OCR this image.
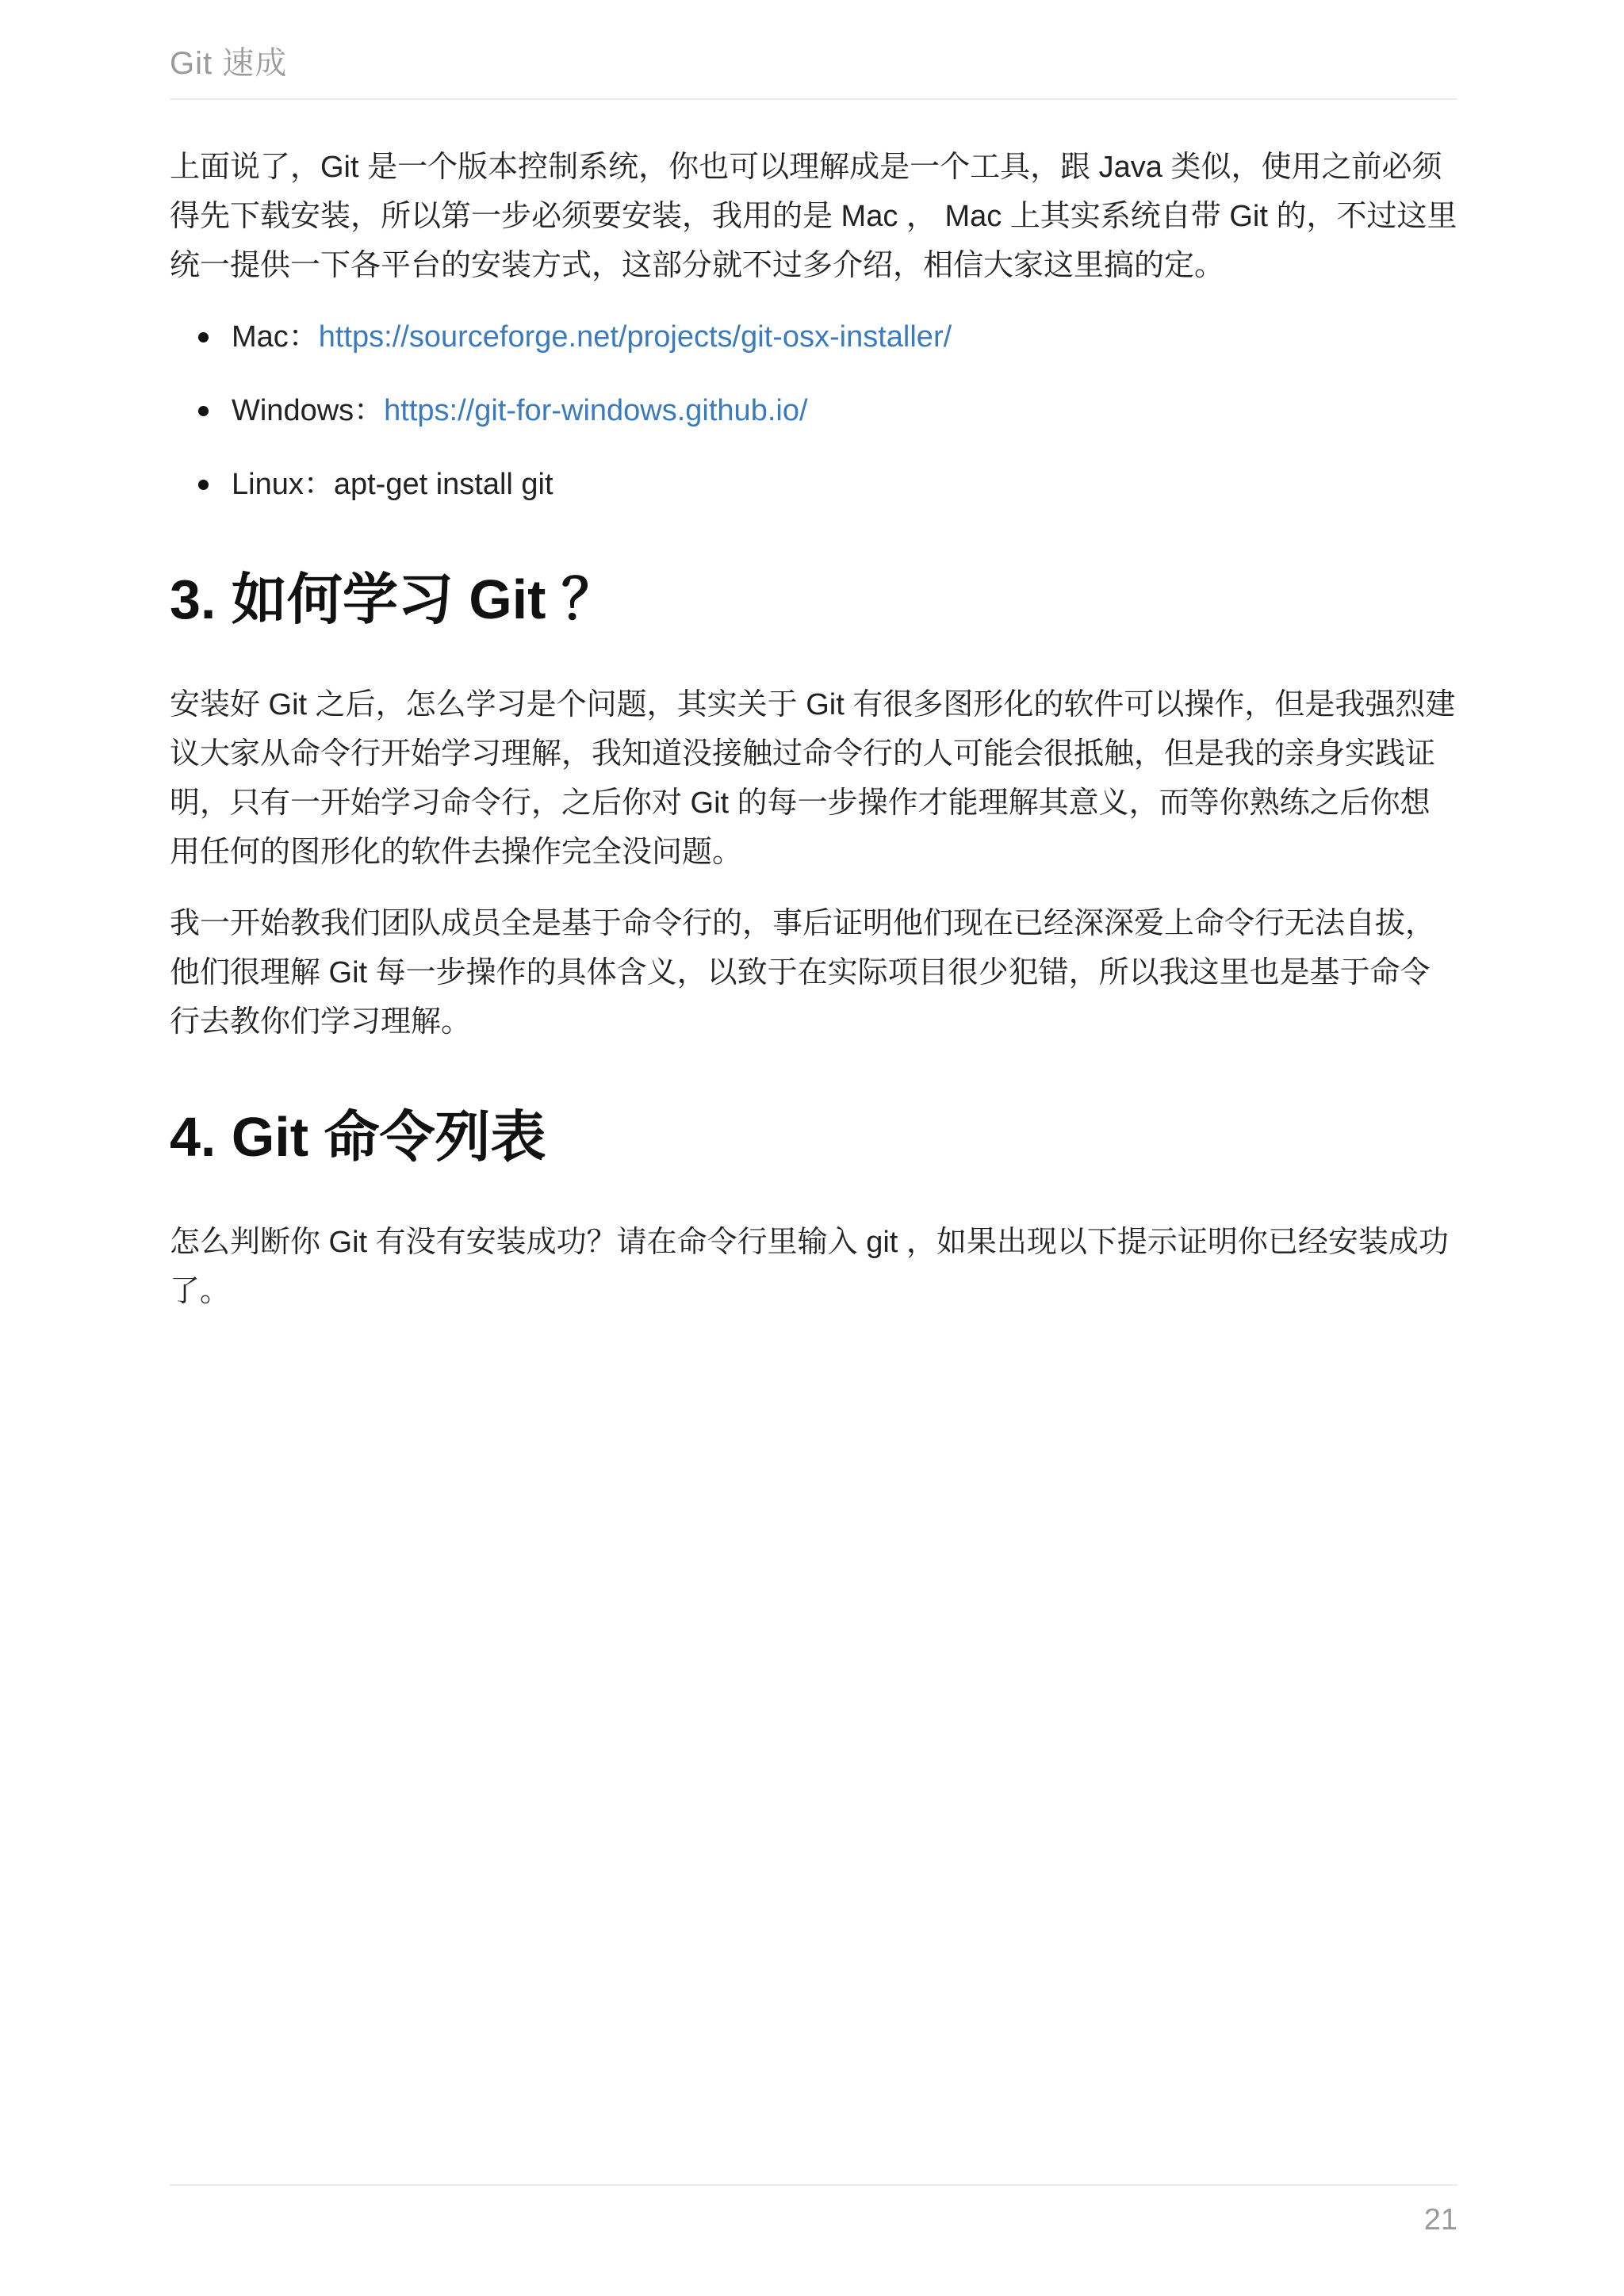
Git 速成

上面说了，Git 是一个版本控制系统，你也可以理解成是一个工具，跟 Java 类似，使用之前必须得先下载安装，所以第一步必须要安装，我用的是 Mac ， Mac 上其实系统自带 Git 的，不过这里统一提供一下各平台的安装方式，这部分就不过多介绍，相信大家这里搞的定。

Mac：https://sourceforge.net/projects/git-osx-installer/
Windows：https://git-for-windows.github.io/
Linux：apt-get install git
3. 如何学习 Git ？

安装好 Git 之后，怎么学习是个问题，其实关于 Git 有很多图形化的软件可以操作，但是我强烈建议大家从命令行开始学习理解，我知道没接触过命令行的人可能会很抵触，但是我的亲身实践证明，只有一开始学习命令行，之后你对 Git 的每一步操作才能理解其意义，而等你熟练之后你想用任何的图形化的软件去操作完全没问题。

我一开始教我们团队成员全是基于命令行的，事后证明他们现在已经深深爱上命令行无法自拔，他们很理解 Git 每一步操作的具体含义，以致于在实际项目很少犯错，所以我这里也是基于命令行去教你们学习理解。

4. Git 命令列表

怎么判断你 Git 有没有安装成功？请在命令行里输入 git ，如果出现以下提示证明你已经安装成功了。

21
